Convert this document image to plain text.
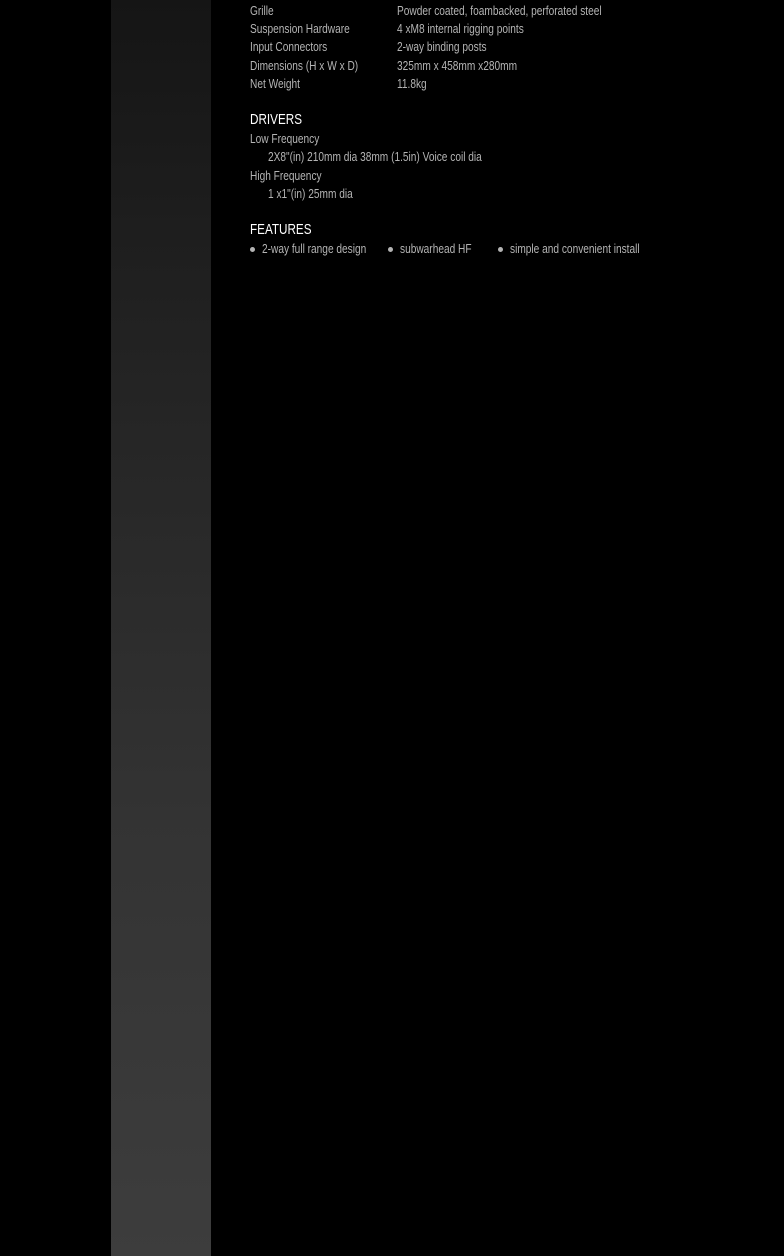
Grille	Powder coated, foambacked, perforated steel
Suspension Hardware	4 xM8 internal rigging points
Input Connectors	2-way binding posts
Dimensions (H x W x D)	325mm x 458mm x280mm
Net Weight	11.8kg
DRIVERS
Low Frequency
2X8"(in) 210mm dia 38mm (1.5in) Voice coil dia
High Frequency
1 x1"(in) 25mm dia
FEATURES
2-way full range design	subwarhead HF	simple and convenient install
